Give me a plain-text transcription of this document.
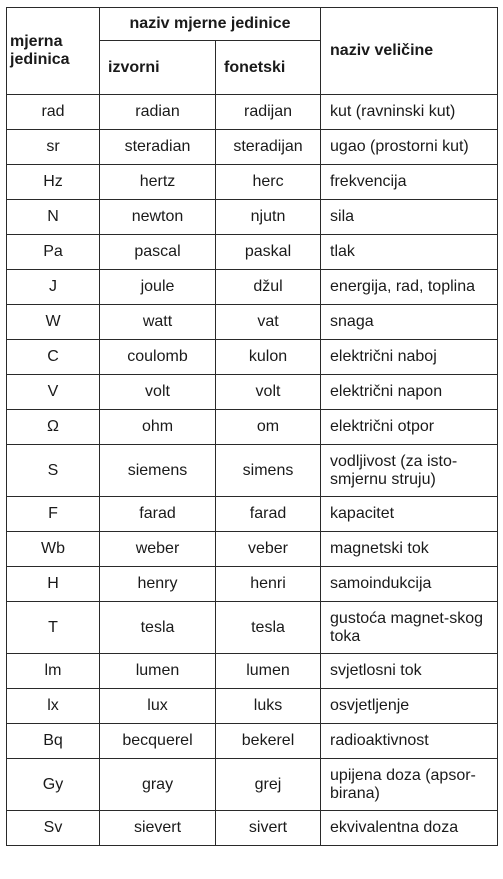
mjerna jedinica	naziv mjerne jedinice		naziv veličine
	izvorni	fonetski	
rad	radian	radijan	kut (ravninski kut)
sr	steradian	steradijan	ugao (prostorni kut)
Hz	hertz	herc	frekvencija
N	newton	njutn	sila
Pa	pascal	paskal	tlak
J	joule	džul	energija, rad, toplina
W	watt	vat	snaga
C	coulomb	kulon	električni naboj
V	volt	volt	električni napon
Ω	ohm	om	električni otpor
S	siemens	simens	vodljivost (za isto-smjernu struju)
F	farad	farad	kapacitet
Wb	weber	veber	magnetski tok
H	henry	henri	samoindukcija
T	tesla	tesla	gustoća magnet-skog toka
lm	lumen	lumen	svjetlosni tok
lx	lux	luks	osvjetljenje
Bq	becquerel	bekerel	radioaktivnost
Gy	gray	grej	upijena doza (apsor-birana)
Sv	sievert	sivert	ekvivalentna doza
